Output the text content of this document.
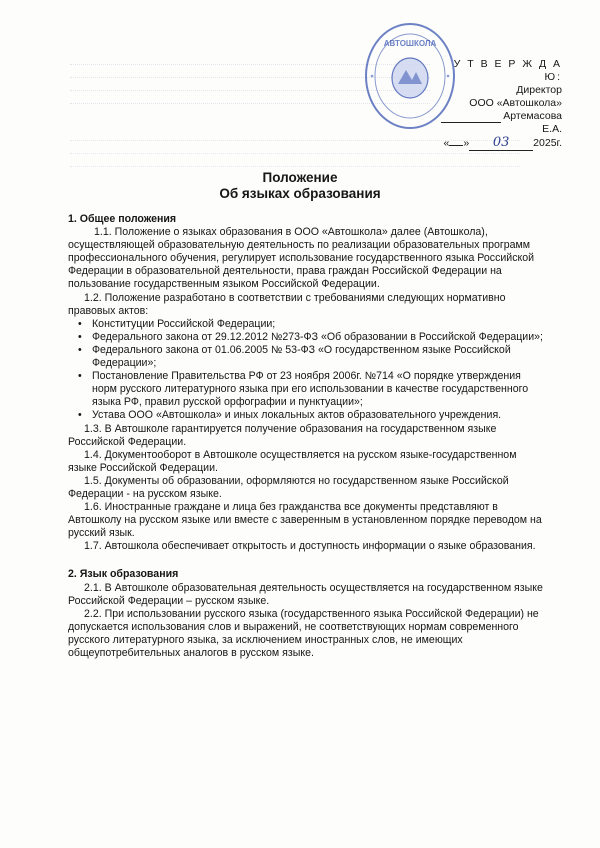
АВТОШКОЛА
У Т В Е Р Ж Д А Ю:
Директор
ООО «Автошкола»
Артемасова Е.А.
« » 03 2025г.
Положение
Об языках образования
1. Общее положения

1.1. Положение о языках образования в ООО «Автошкола» далее (Автошкола), осуществляющей образовательную деятельность по реализации образовательных программ профессионального обучения, регулирует использование государственного языка Российской Федерации в образовательной деятельности, права граждан Российской Федерации на пользование государственным языком Российской Федерации.

1.2. Положение разработано в соответствии с требованиями следующих нормативно правовых актов:

• Конституции Российской Федерации;
• Федерального закона от 29.12.2012 №273-ФЗ «Об образовании в Российской Федерации»;
• Федерального закона от 01.06.2005 № 53-ФЗ «О государственном языке Российской Федерации»;
• Постановление Правительства РФ от 23 ноября 2006г. №714 «О порядке утверждения норм русского литературного языка при его использовании в качестве государственного языка РФ, правил русской орфографии и пунктуации»;
• Устава ООО «Автошкола» и иных локальных актов образовательного учреждения.

1.3. В Автошколе гарантируется получение образования на государственном языке Российской Федерации.

1.4. Документооборот в Автошколе осуществляется на русском языке-государственном языке Российской Федерации.

1.5. Документы об образовании, оформляются но государственном языке Российской Федерации - на русском языке.

1.6. Иностранные граждане и лица без гражданства все документы представляют в Автошколу на русском языке или вместе с заверенным в установленном порядке переводом на русский язык.

1.7. Автошкола обеспечивает открытость и доступность информации о языке образования.

2. Язык образования

2.1. В Автошколе образовательная деятельность осуществляется на государственном языке Российской Федерации – русском языке.

2.2. При использовании русского языка (государственного языка Российской Федерации) не допускается использования слов и выражений, не соответствующих нормам современного русского литературного языка, за исключением иностранных слов, не имеющих общеупотребительных аналогов в русском языке.
